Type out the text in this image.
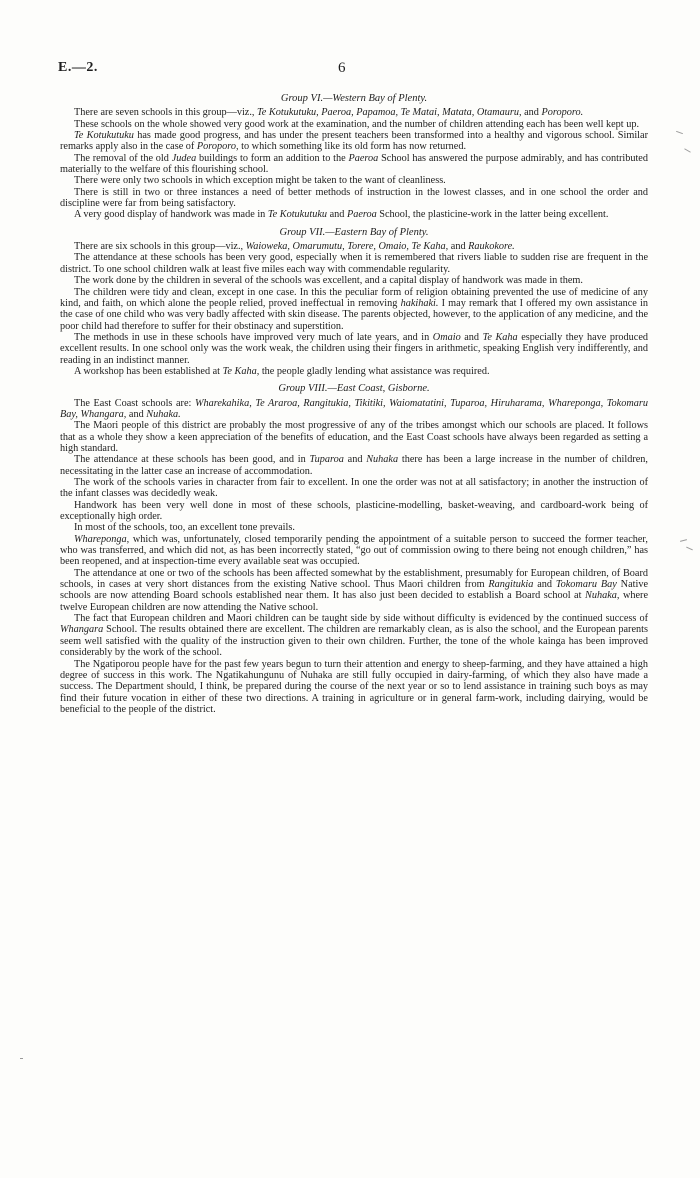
E.—2.	6
Group VI.—Western Bay of Plenty.

There are seven schools in this group—viz., Te Kotukutuku, Paeroa, Papamoa, Te Matai, Matata, Otamauru, and Poroporo.

These schools on the whole showed very good work at the examination, and the number of children attending each has been well kept up.

Te Kotukutuku has made good progress, and has under the present teachers been transformed into a healthy and vigorous school. Similar remarks apply also in the case of Poroporo, to which something like its old form has now returned.

The removal of the old Judea buildings to form an addition to the Paeroa School has answered the purpose admirably, and has contributed materially to the welfare of this flourishing school.

There were only two schools in which exception might be taken to the want of cleanliness.

There is still in two or three instances a need of better methods of instruction in the lowest classes, and in one school the order and discipline were far from being satisfactory.

A very good display of handwork was made in Te Kotukutuku and Paeroa School, the plasticine-work in the latter being excellent.

Group VII.—Eastern Bay of Plenty.

There are six schools in this group—viz., Waioweka, Omarumutu, Torere, Omaio, Te Kaha, and Raukokore.

The attendance at these schools has been very good, especially when it is remembered that rivers liable to sudden rise are frequent in the district. To one school children walk at least five miles each way with commendable regularity.

The work done by the children in several of the schools was excellent, and a capital display of handwork was made in them.

The children were tidy and clean, except in one case. In this the peculiar form of religion obtaining prevented the use of medicine of any kind, and faith, on which alone the people relied, proved ineffectual in removing hakihaki. I may remark that I offered my own assistance in the case of one child who was very badly affected with skin disease. The parents objected, however, to the application of any medicine, and the poor child had therefore to suffer for their obstinacy and superstition.

The methods in use in these schools have improved very much of late years, and in Omaio and Te Kaha especially they have produced excellent results. In one school only was the work weak, the children using their fingers in arithmetic, speaking English very indifferently, and reading in an indistinct manner.

A workshop has been established at Te Kaha, the people gladly lending what assistance was required.

Group VIII.—East Coast, Gisborne.

The East Coast schools are: Wharekahika, Te Araroa, Rangitukia, Tikitiki, Waiomatatini, Tuparoa, Hiruharama, Whareponga, Tokomaru Bay, Whangara, and Nuhaka.

The Maori people of this district are probably the most progressive of any of the tribes amongst which our schools are placed. It follows that as a whole they show a keen appreciation of the benefits of education, and the East Coast schools have always been regarded as setting a high standard.

The attendance at these schools has been good, and in Tuparoa and Nuhaka there has been a large increase in the number of children, necessitating in the latter case an increase of accommodation.

The work of the schools varies in character from fair to excellent. In one the order was not at all satisfactory; in another the instruction of the infant classes was decidedly weak.

Handwork has been very well done in most of these schools, plasticine-modelling, basket-weaving, and cardboard-work being of exceptionally high order.

In most of the schools, too, an excellent tone prevails.

Whareponga, which was, unfortunately, closed temporarily pending the appointment of a suitable person to succeed the former teacher, who was transferred, and which did not, as has been incorrectly stated, “go out of commission owing to there being not enough children,” has been reopened, and at inspection-time every available seat was occupied.

The attendance at one or two of the schools has been affected somewhat by the establishment, presumably for European children, of Board schools, in cases at very short distances from the existing Native school. Thus Maori children from Rangitukia and Tokomaru Bay Native schools are now attending Board schools established near them. It has also just been decided to establish a Board school at Nuhaka, where twelve European children are now attending the Native school.

The fact that European children and Maori children can be taught side by side without difficulty is evidenced by the continued success of Whangara School. The results obtained there are excellent. The children are remarkably clean, as is also the school, and the European parents seem well satisfied with the quality of the instruction given to their own children. Further, the tone of the whole kainga has been improved considerably by the work of the school.

The Ngatiporou people have for the past few years begun to turn their attention and energy to sheep-farming, and they have attained a high degree of success in this work. The Ngatikahungunu of Nuhaka are still fully occupied in dairy-farming, of which they also have made a success. The Department should, I think, be prepared during the course of the next year or so to lend assistance in training such boys as may find their future vocation in either of these two directions. A training in agriculture or in general farm-work, including dairying, would be beneficial to the people of the district.
